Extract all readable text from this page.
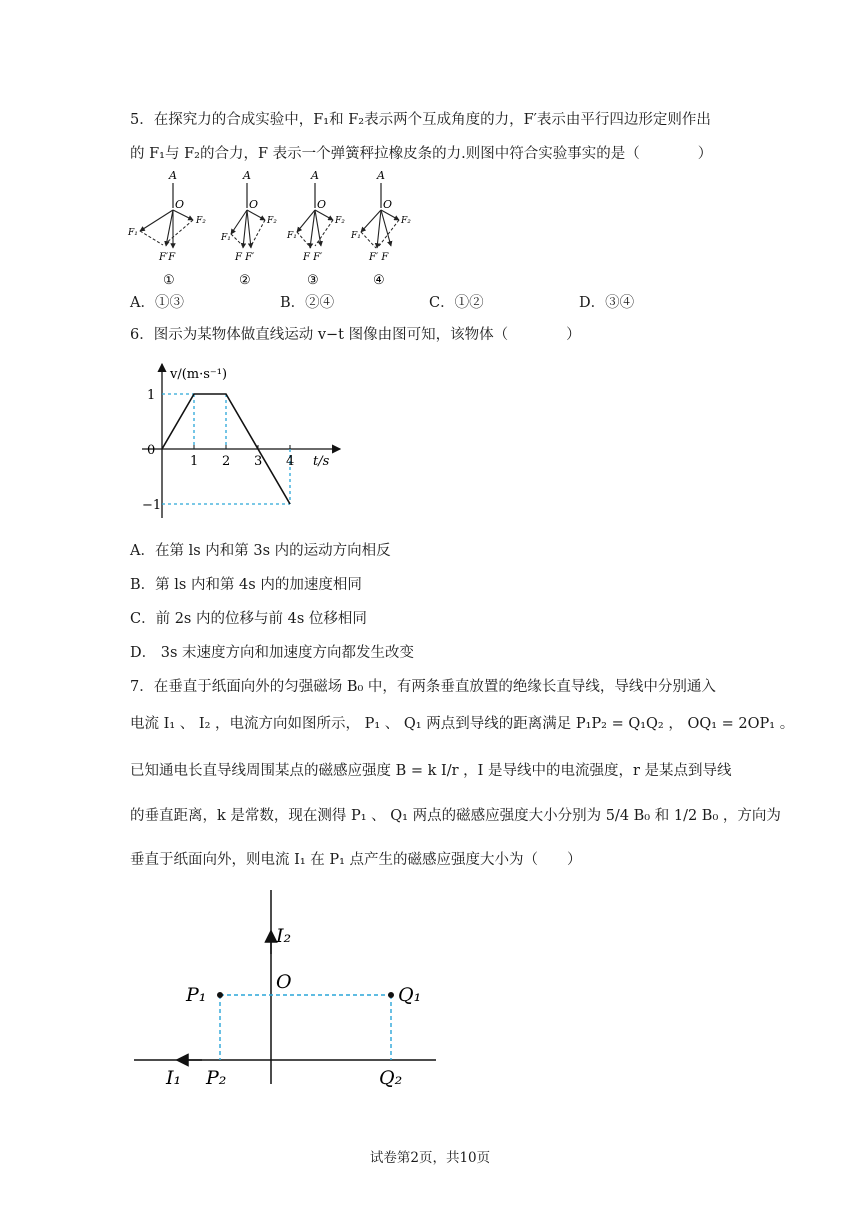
5．在探究力的合成实验中，F₁和 F₂表示两个互成角度的力，F′表示由平行四边形定则作出
的 F₁与 F₂的合力，F 表示一个弹簧秤拉橡皮条的力.则图中符合实验事实的是（　　　　）
A
O
F₁
F₂
F′F
①
A
O
F₁
F₂
F F′
②
A
O
F₁
F₂
F F′
③
A
O
F₁
F₂
F′ F
④
A．①③	B．②④	C．①②	D．③④
6．图示为某物体做直线运动 v−t 图像由图可知，该物体（　　　　）
v/(m·s⁻¹)
t/s
1 2 3 4
1
0
−1
A．在第 ls 内和第 3s 内的运动方向相反
B．第 ls 内和第 4s 内的加速度相同
C．前 2s 内的位移与前 4s 位移相同
D． 3s 末速度方向和加速度方向都发生改变
7．在垂直于纸面向外的匀强磁场 B₀ 中，有两条垂直放置的绝缘长直导线，导线中分别通入
电流 I₁ 、 I₂ ，电流方向如图所示， P₁ 、 Q₁ 两点到导线的距离满足 P₁P₂ = Q₁Q₂ ， OQ₁ = 2OP₁ 。
已知通电长直导线周围某点的磁感应强度 B = k I/r ，I 是导线中的电流强度，r 是某点到导线
的垂直距离，k 是常数，现在测得 P₁ 、 Q₁ 两点的磁感应强度大小分别为 5/4 B₀ 和 1/2 B₀ ，方向为
垂直于纸面向外，则电流 I₁ 在 P₁ 点产生的磁感应强度大小为（　　）
I₂
O
P₁	Q₁
I₁ P₂	Q₂
试卷第2页，共10页
